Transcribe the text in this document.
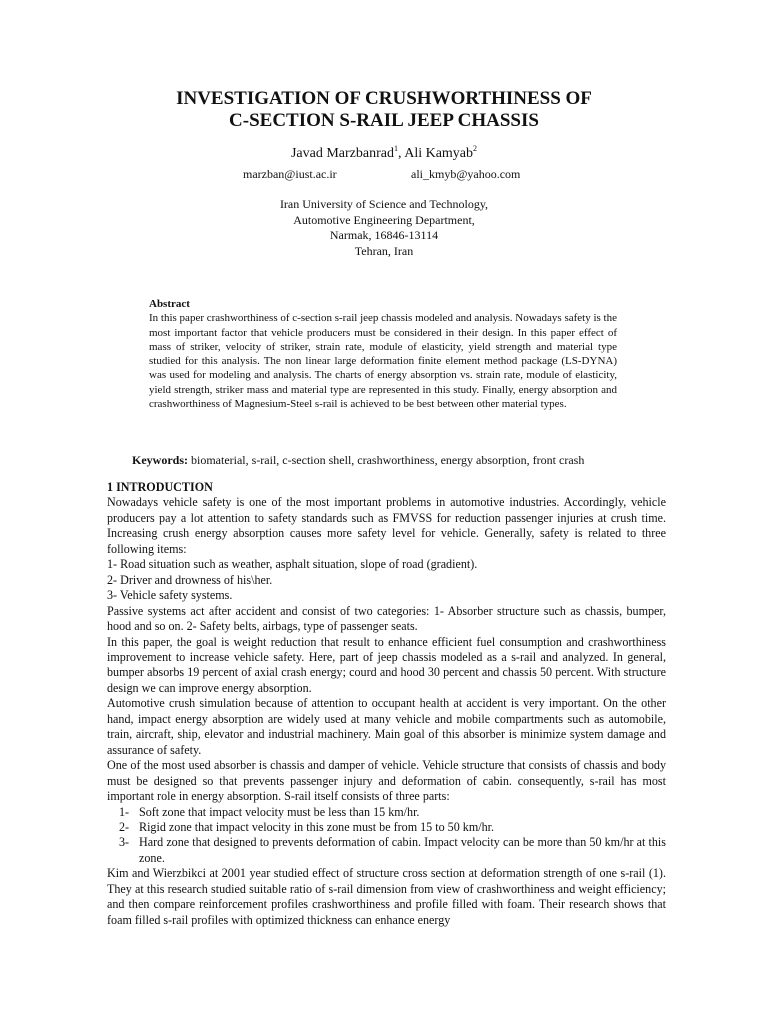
INVESTIGATION OF CRUSHWORTHINESS OF
C-SECTION S-RAIL JEEP CHASSIS
Javad Marzbanrad$^1$, Ali Kamyab$^2$
marzban@iust.ac.ir	ali_kmyb@yahoo.com
Iran University of Science and Technology,
Automotive Engineering Department,
Narmak, 16846-13114
Tehran, Iran
Abstract
In this paper crashworthiness of c-section s-rail jeep chassis modeled and analysis. Nowadays safety is the most important factor that vehicle producers must be considered in their design. In this paper effect of mass of striker, velocity of striker, strain rate, module of elasticity, yield strength and material type studied for this analysis. The non linear large deformation finite element method package (LS-DYNA) was used for modeling and analysis. The charts of energy absorption vs. strain rate, module of elasticity, yield strength, striker mass and material type are represented in this study. Finally, energy absorption and crashworthiness of Magnesium-Steel s-rail is achieved to be best between other material types.
Keywords: biomaterial, s-rail, c-section shell, crashworthiness, energy absorption, front crash
1 INTRODUCTION
Nowadays vehicle safety is one of the most important problems in automotive industries. Accordingly, vehicle producers pay a lot attention to safety standards such as FMVSS for reduction passenger injuries at crush time. Increasing crush energy absorption causes more safety level for vehicle. Generally, safety is related to three following items:
1- Road situation such as weather, asphalt situation, slope of road (gradient).
2- Driver and drowness of his\her.
3- Vehicle safety systems.
Passive systems act after accident and consist of two categories: 1- Absorber structure such as chassis, bumper, hood and so on. 2- Safety belts, airbags, type of passenger seats.
In this paper, the goal is weight reduction that result to enhance efficient fuel consumption and crashworthiness improvement to increase vehicle safety. Here, part of jeep chassis modeled as a s-rail and analyzed. In general, bumper absorbs 19 percent of axial crash energy; courd and hood 30 percent and chassis 50 percent. With structure design we can improve energy absorption.
Automotive crush simulation because of attention to occupant health at accident is very important. On the other hand, impact energy absorption are widely used at many vehicle and mobile compartments such as automobile, train, aircraft, ship, elevator and industrial machinery. Main goal of this absorber is minimize system damage and assurance of safety.
One of the most used absorber is chassis and damper of vehicle. Vehicle structure that consists of chassis and body must be designed so that prevents passenger injury and deformation of cabin. consequently, s-rail has most important role in energy absorption. S-rail itself consists of three parts:
1- Soft zone that impact velocity must be less than 15 km/hr.
2- Rigid zone that impact velocity in this zone must be from 15 to 50 km/hr.
3- Hard zone that designed to prevents deformation of cabin. Impact velocity can be more than 50 km/hr at this zone.
Kim and Wierzbikci at 2001 year studied effect of structure cross section at deformation strength of one s-rail (1). They at this research studied suitable ratio of s-rail dimension from view of crashworthiness and weight efficiency; and then compare reinforcement profiles crashworthiness and profile filled with foam. Their research shows that foam filled s-rail profiles with optimized thickness can enhance energy
